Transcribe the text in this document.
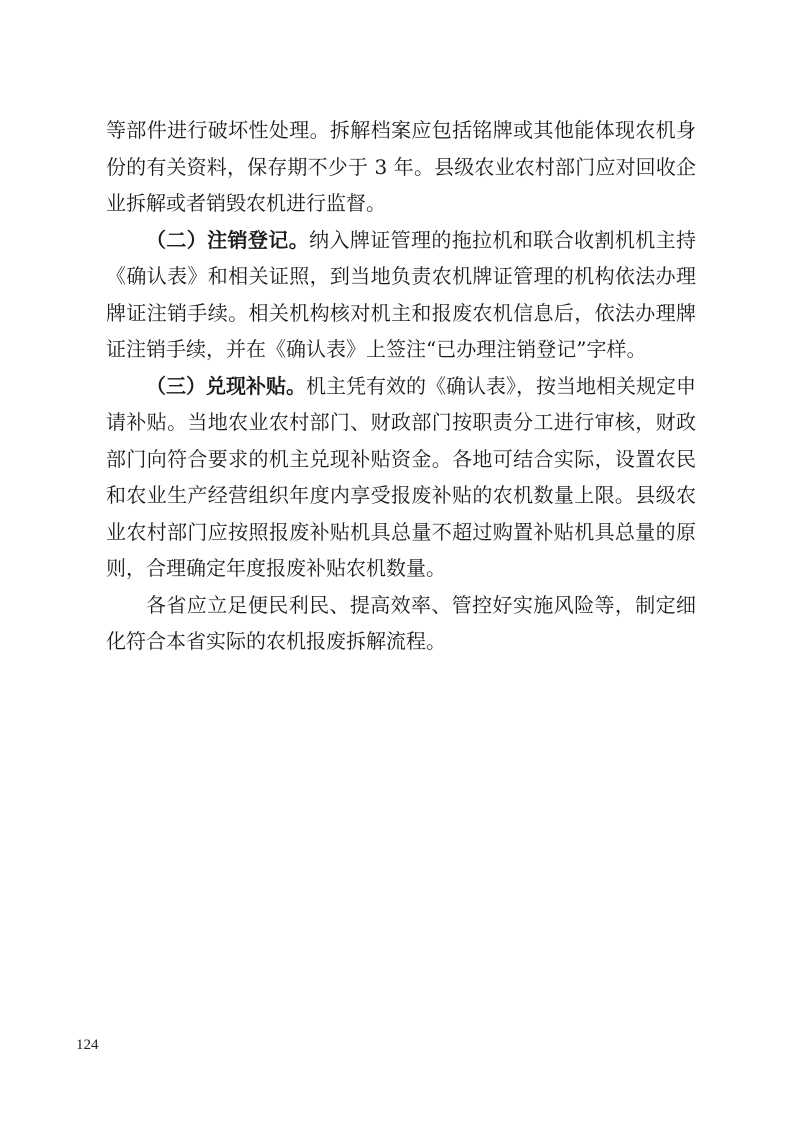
等部件进行破坏性处理。拆解档案应包括铭牌或其他能体现农机身份的有关资料，保存期不少于 3 年。县级农业农村部门应对回收企业拆解或者销毁农机进行监督。

（二）注销登记。纳入牌证管理的拖拉机和联合收割机机主持《确认表》和相关证照，到当地负责农机牌证管理的机构依法办理牌证注销手续。相关机构核对机主和报废农机信息后，依法办理牌证注销手续，并在《确认表》上签注“已办理注销登记”字样。

（三）兑现补贴。机主凭有效的《确认表》，按当地相关规定申请补贴。当地农业农村部门、财政部门按职责分工进行审核，财政部门向符合要求的机主兑现补贴资金。各地可结合实际，设置农民和农业生产经营组织年度内享受报废补贴的农机数量上限。县级农业农村部门应按照报废补贴机具总量不超过购置补贴机具总量的原则，合理确定年度报废补贴农机数量。

各省应立足便民利民、提高效率、管控好实施风险等，制定细化符合本省实际的农机报废拆解流程。

124
